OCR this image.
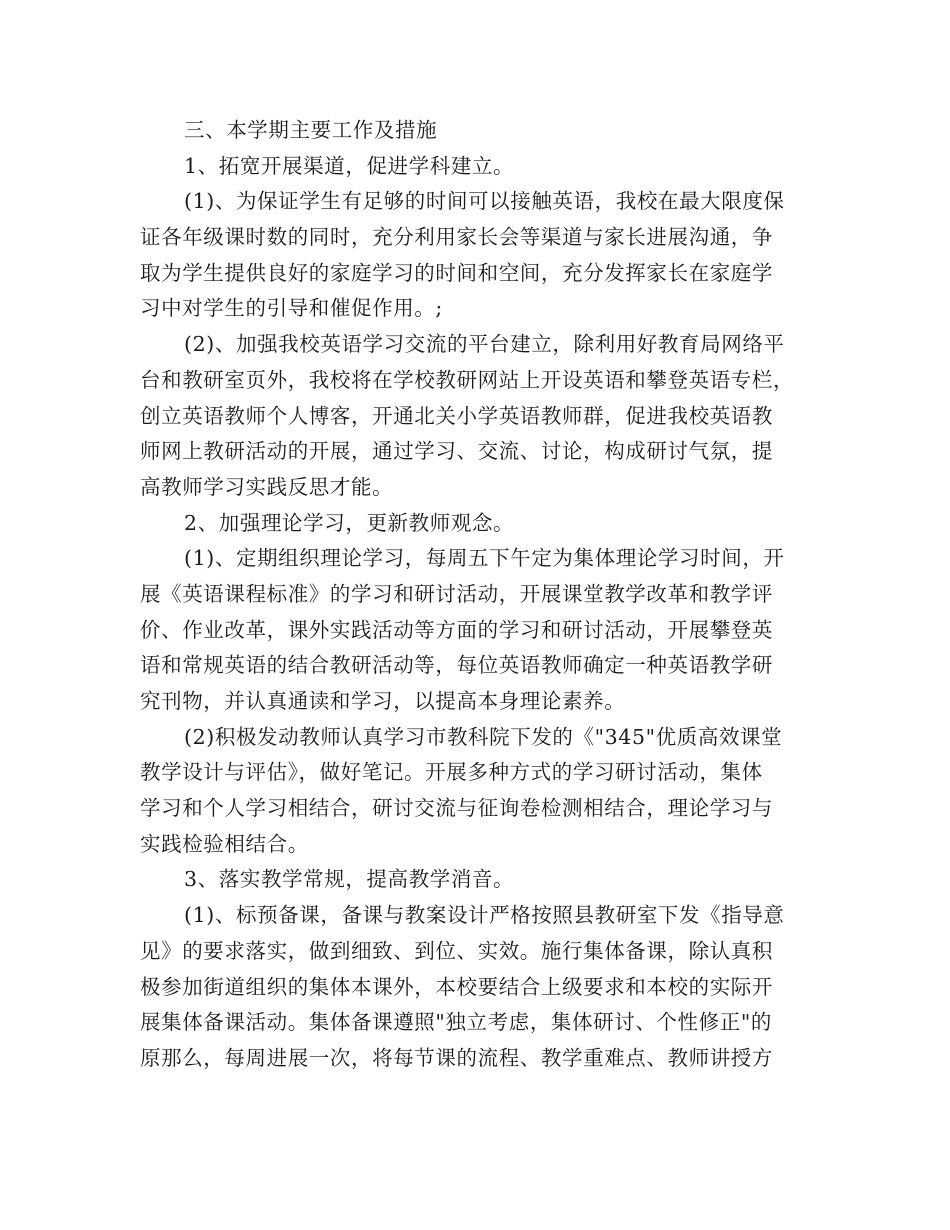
三、本学期主要工作及措施
1、拓宽开展渠道，促进学科建立。
(1)、为保证学生有足够的时间可以接触英语，我校在最大限度保
证各年级课时数的同时，充分利用家长会等渠道与家长进展沟通，争
取为学生提供良好的家庭学习的时间和空间，充分发挥家长在家庭学
习中对学生的引导和催促作用。;
(2)、加强我校英语学习交流的平台建立，除利用好教育局网络平
台和教研室页外，我校将在学校教研网站上开设英语和攀登英语专栏，
创立英语教师个人博客，开通北关小学英语教师群，促进我校英语教
师网上教研活动的开展，通过学习、交流、讨论，构成研讨气氛，提
高教师学习实践反思才能。
2、加强理论学习，更新教师观念。
(1)、定期组织理论学习，每周五下午定为集体理论学习时间，开
展《英语课程标准》的学习和研讨活动，开展课堂教学改革和教学评
价、作业改革，课外实践活动等方面的学习和研讨活动，开展攀登英
语和常规英语的结合教研活动等，每位英语教师确定一种英语教学研
究刊物，并认真通读和学习，以提高本身理论素养。
(2)积极发动教师认真学习市教科院下发的《"345"优质高效课堂
教学设计与评估》，做好笔记。开展多种方式的学习研讨活动，集体
学习和个人学习相结合，研讨交流与征询卷检测相结合，理论学习与
实践检验相结合。
3、落实教学常规，提高教学消音。
(1)、标预备课，备课与教案设计严格按照县教研室下发《指导意
见》的要求落实，做到细致、到位、实效。施行集体备课，除认真积
极参加街道组织的集体本课外，本校要结合上级要求和本校的实际开
展集体备课活动。集体备课遵照"独立考虑，集体研讨、个性修正"的
原那么，每周进展一次，将每节课的流程、教学重难点、教师讲授方
